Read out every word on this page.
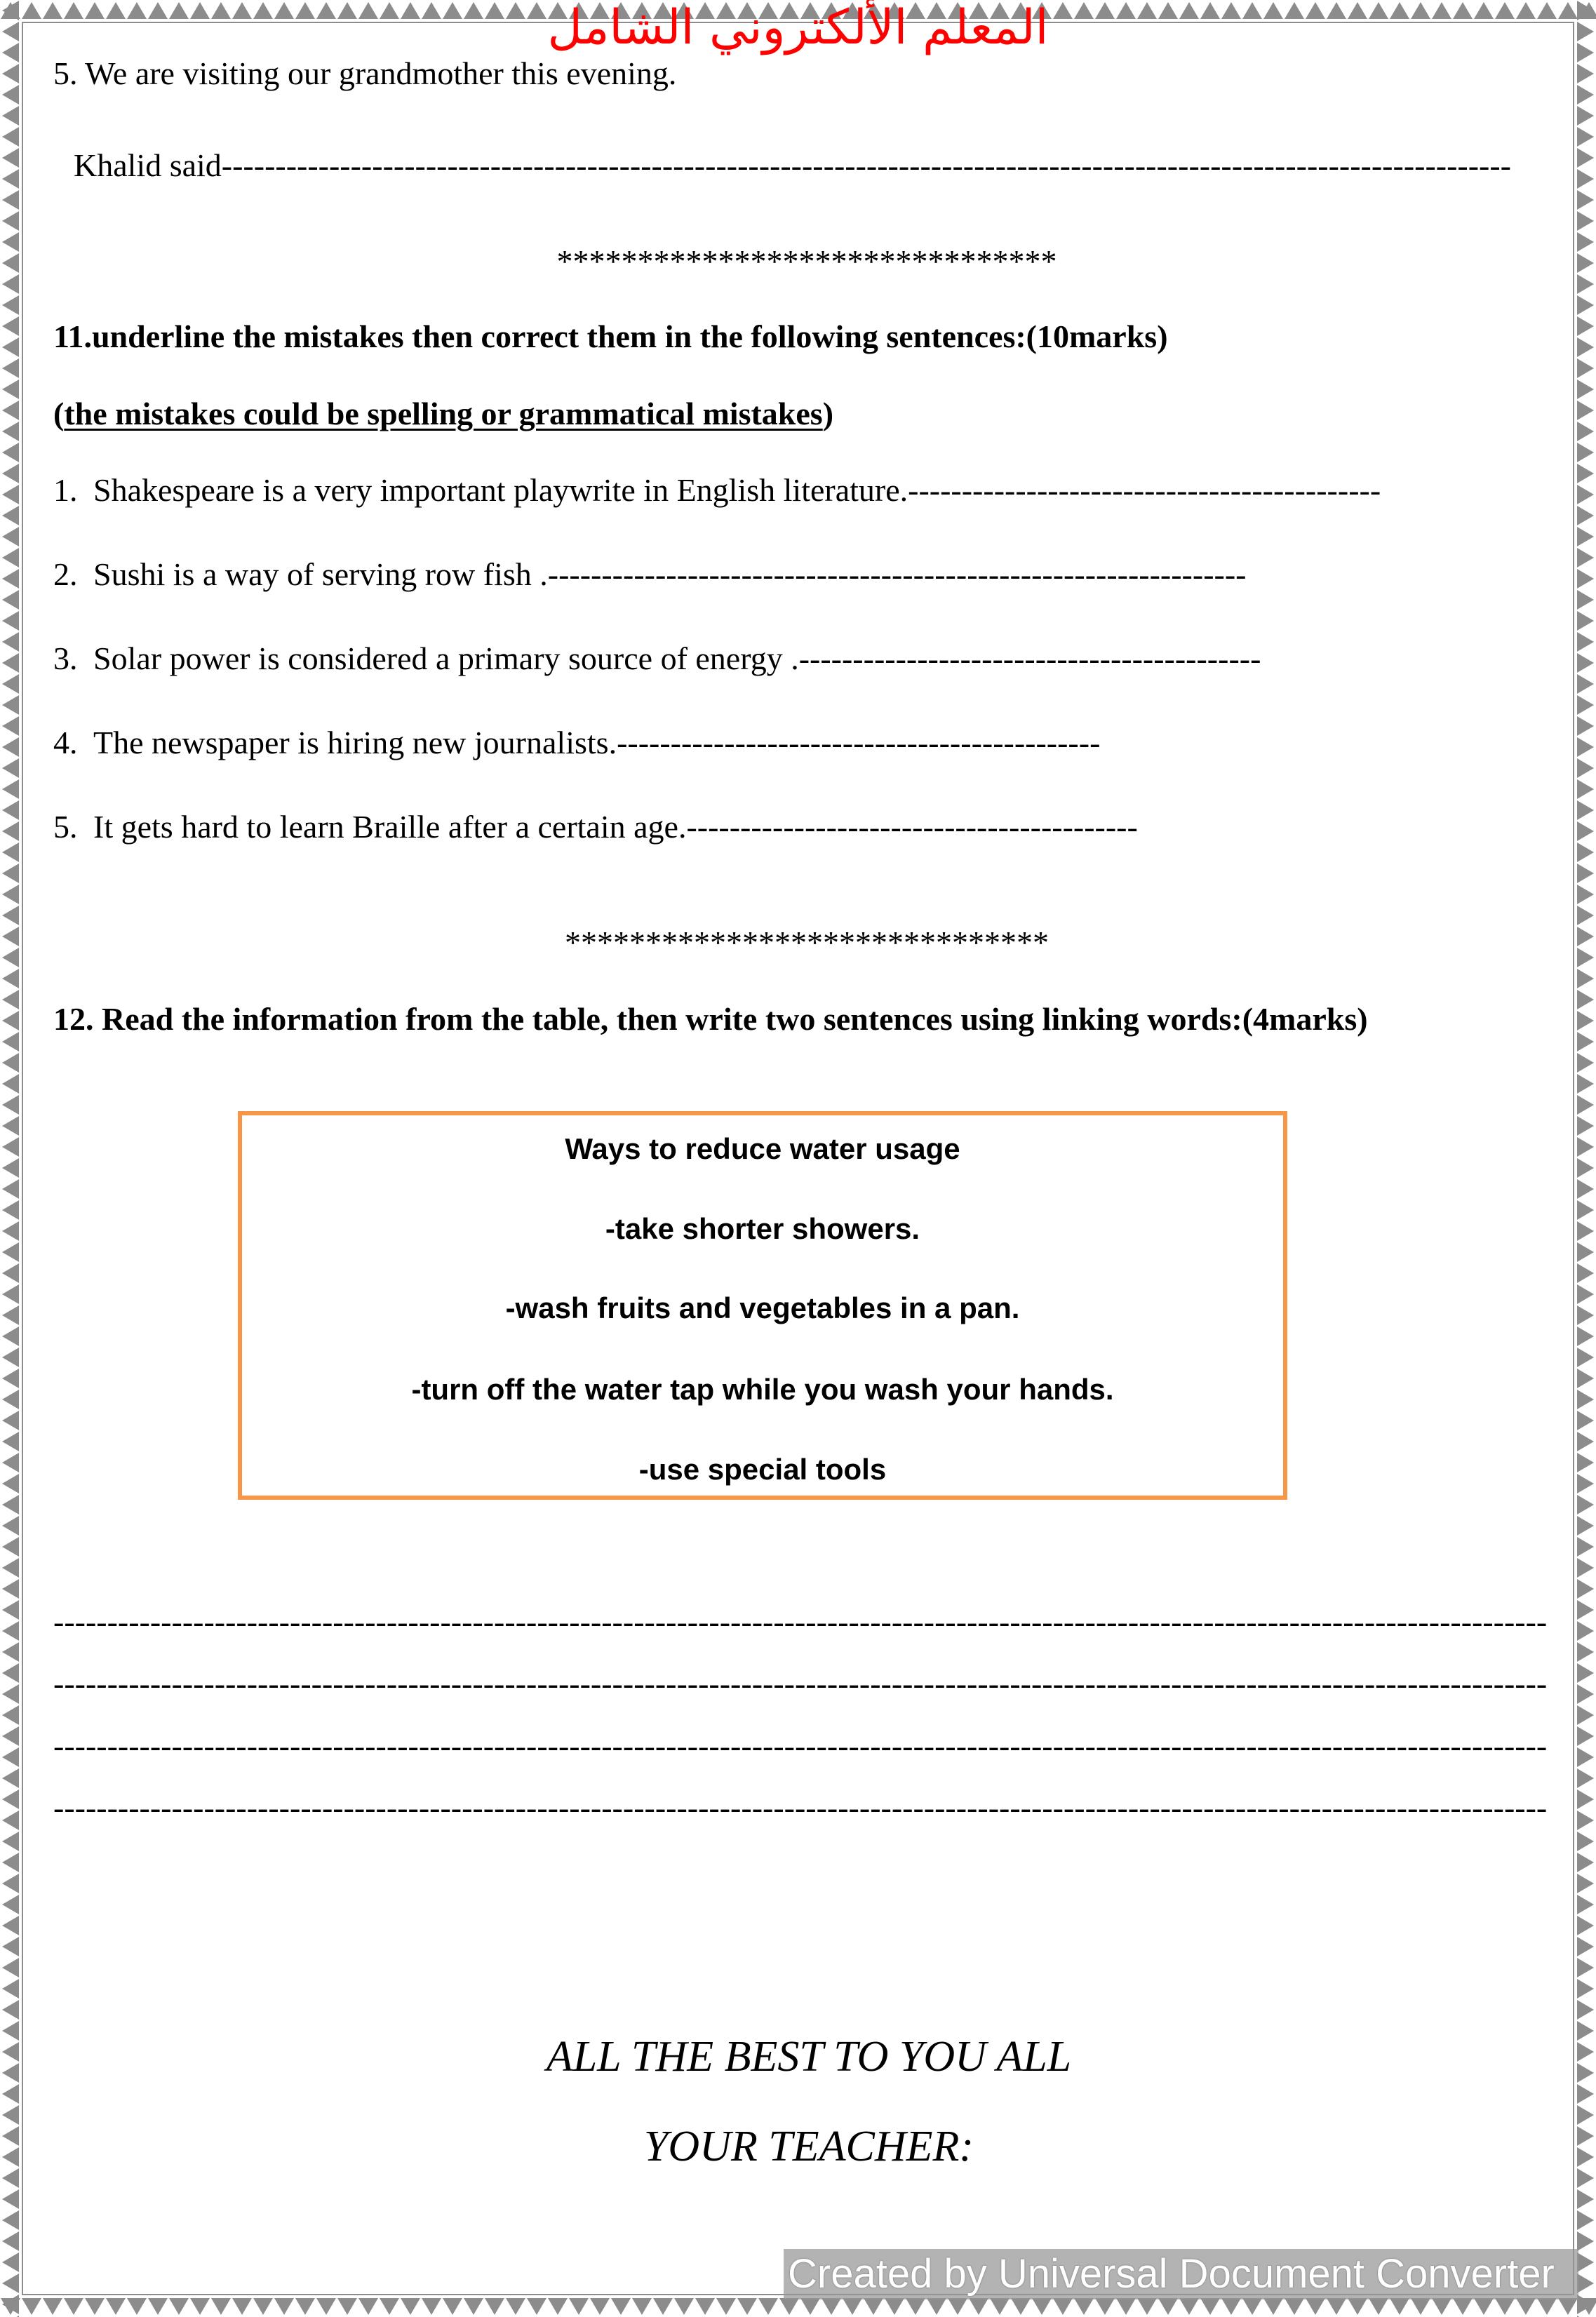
المعلم الألكتروني الشامل
5. We are visiting our grandmother this evening.
Khalid said------------------------------------------------------------------------------------------------------------------------
*******************************
11.underline the mistakes then correct them in the following sentences:(10marks)
(the mistakes could be spelling or grammatical mistakes)
1. Shakespeare is a very important playwrite in English literature.--------------------------------------------
2. Sushi is a way of serving row fish .-----------------------------------------------------------------
3. Solar power is considered a primary source of energy .-------------------------------------------
4. The newspaper is hiring new journalists.---------------------------------------------
5. It gets hard to learn Braille after a certain age.------------------------------------------
******************************
12. Read the information from the table, then write two sentences using linking words:(4marks)
Ways to reduce water usage
-take shorter showers.
-wash fruits and vegetables in a pan.
-turn off the water tap while you wash your hands.
-use special tools
-------------------------------------------------------------------------------------------------------------------------------------------
-------------------------------------------------------------------------------------------------------------------------------------------
-------------------------------------------------------------------------------------------------------------------------------------------
-------------------------------------------------------------------------------------------------------------------------------------------
ALL THE BEST TO YOU ALL
YOUR TEACHER:
Created by Universal Document Converter
